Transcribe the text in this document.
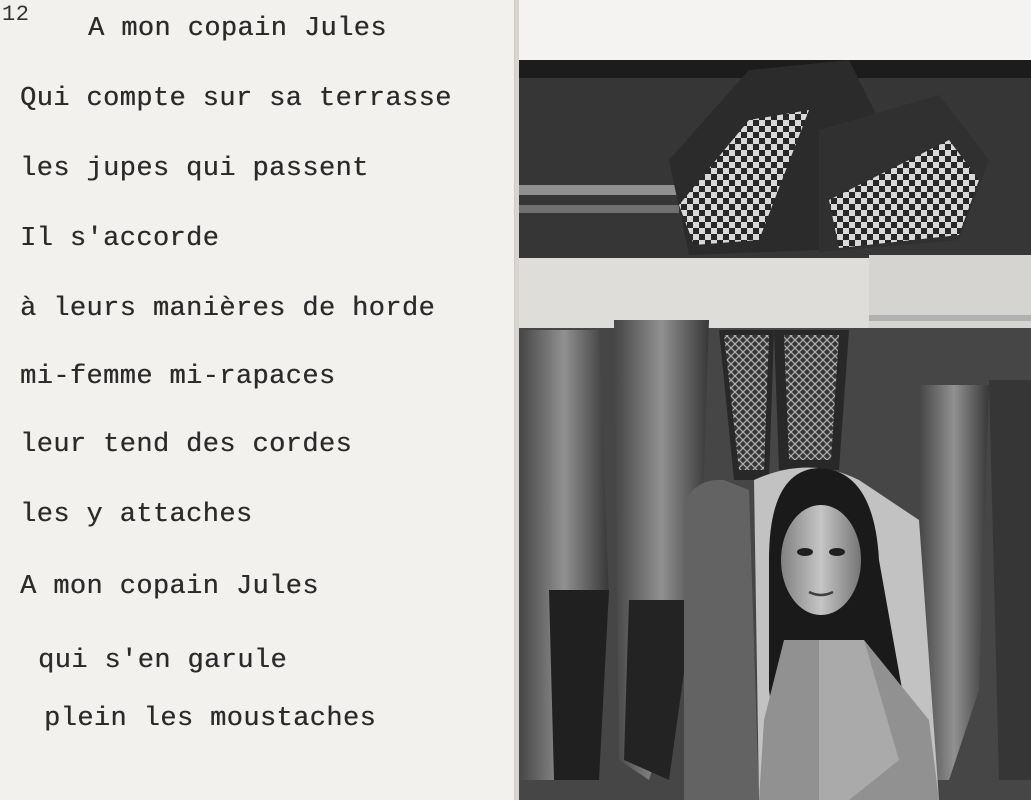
12 A mon copain Jules
Qui compte sur sa terrasse
les jupes qui passent
Il s'accorde
à leurs manières de horde
mi-femme mi-rapaces
leur tend des cordes
les y attaches
A mon copain Jules
qui s'en garule
plein les moustaches
